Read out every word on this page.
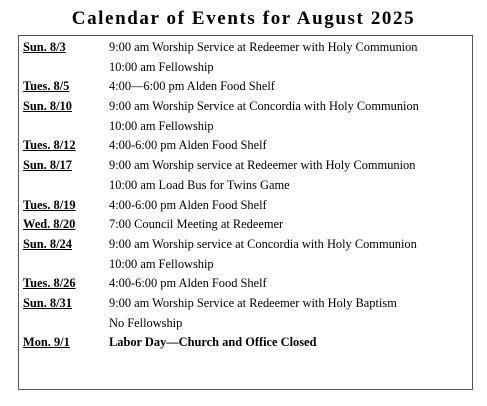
Calendar of Events for August 2025
Sun. 8/3	9:00 am Worship Service at Redeemer with Holy Communion
10:00 am Fellowship
Tues. 8/5	4:00—6:00 pm Alden Food Shelf
Sun. 8/10	9:00 am Worship Service at Concordia with Holy Communion
10:00 am Fellowship
Tues. 8/12	4:00-6:00 pm Alden Food Shelf
Sun. 8/17	9:00 am Worship service at Redeemer with Holy Communion
10:00 am Load Bus for Twins Game
Tues. 8/19	4:00-6:00 pm Alden Food Shelf
Wed. 8/20	7:00 Council Meeting at Redeemer
Sun. 8/24	9:00 am Worship service at Concordia with Holy Communion
10:00 am Fellowship
Tues. 8/26	4:00-6:00 pm Alden Food Shelf
Sun. 8/31	9:00 am Worship Service at Redeemer with Holy Baptism
No Fellowship
Mon. 9/1	Labor Day—Church and Office Closed
